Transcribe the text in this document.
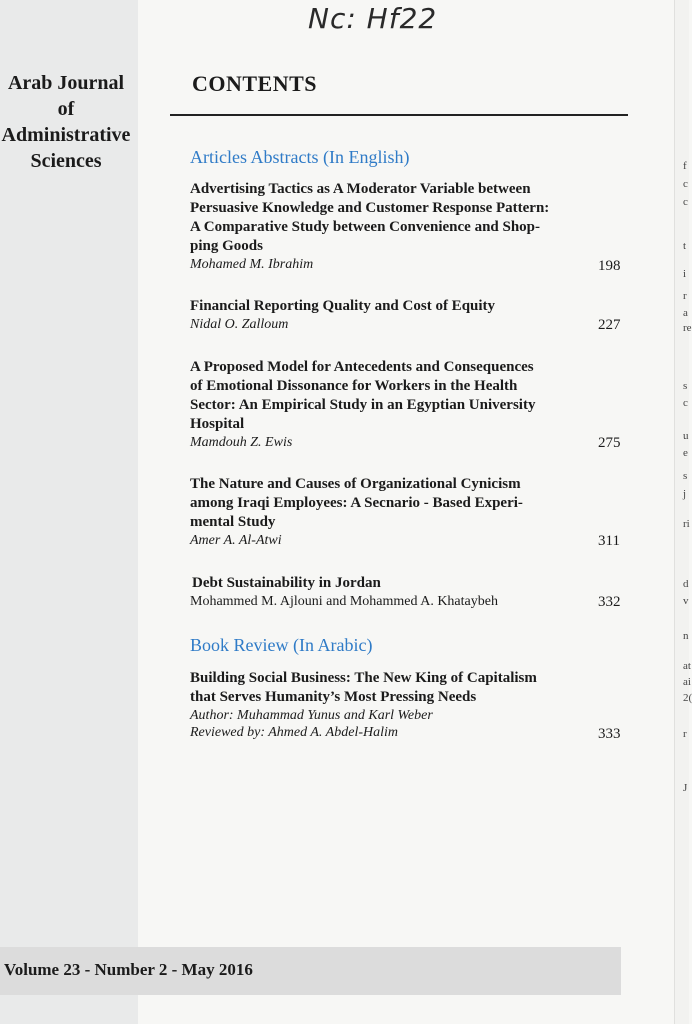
Nc: Hf22
Arab Journal
of
Administrative
Sciences
CONTENTS
Articles Abstracts (In English)
Advertising Tactics as A Moderator Variable between
Persuasive Knowledge and Customer Response Pattern:
A Comparative Study between Convenience and Shop-
ping Goods
Mohamed M. Ibrahim	198
Financial Reporting Quality and Cost of Equity
Nidal O. Zalloum	227
A Proposed Model for Antecedents and Consequences
of Emotional Dissonance for Workers in the Health
Sector: An Empirical Study in an Egyptian University
Hospital
Mamdouh Z. Ewis	275
The Nature and Causes of Organizational Cynicism
among Iraqi Employees: A Secnario - Based Experi-
mental Study
Amer A. Al-Atwi	311
Debt Sustainability in Jordan
Mohammed M. Ajlouni and Mohammed A. Khataybeh	332
Book Review (In Arabic)
Building Social Business: The New King of Capitalism
that Serves Humanity’s Most Pressing Needs
Author: Muhammad Yunus and Karl Weber
Reviewed by: Ahmed A. Abdel-Halim	333
Volume 23 - Number 2 - May 2016
f
c
c
t
i
r
a
re
s
c
u
e
s
j
ri
d
v
n
at
ai
2(
r
J
